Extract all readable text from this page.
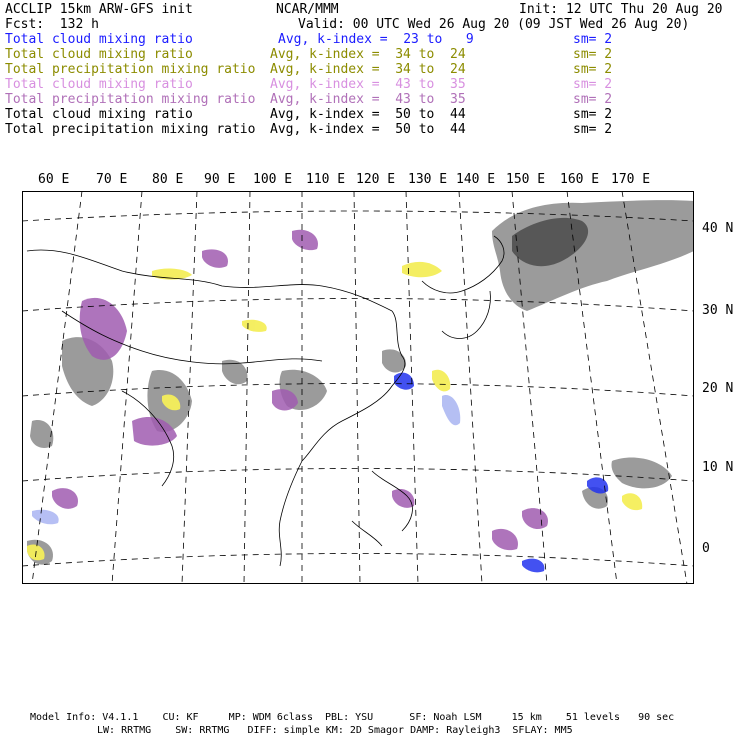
ACCLIP 15km ARW-GFS init	NCAR/MMM	Init: 12 UTC Thu 20 Aug 20
Fcst:  132 h	Valid: 00 UTC Wed 26 Aug 20 (09 JST Wed 26 Aug 20)
Total cloud mixing ratio	Avg, k-index =  23 to   9	sm= 2
Total cloud mixing ratio	Avg, k-index =  34 to  24	sm= 2
Total precipitation mixing ratio Avg, k-index =  34 to  24	sm= 2
Total cloud mixing ratio	Avg, k-index =  43 to  35	sm= 2
Total precipitation mixing ratio Avg, k-index =  43 to  35	sm= 2
Total cloud mixing ratio	Avg, k-index =  50 to  44	sm= 2
Total precipitation mixing ratio Avg, k-index =  50 to  44	sm= 2
60 E 70 E 80 E 90 E 100 E 110 E 120 E 130 E 140 E 150 E 160 E 170 E
40 N
30 N
20 N
10 N
0
Model Info: V4.1.1    CU: KF     MP: WDM 6class  PBL: YSU      SF: Noah LSM     15 km    51 levels   90 sec
LW: RRTMG    SW: RRTMG   DIFF: simple KM: 2D Smagor DAMP: Rayleigh3  SFLAY: MM5
